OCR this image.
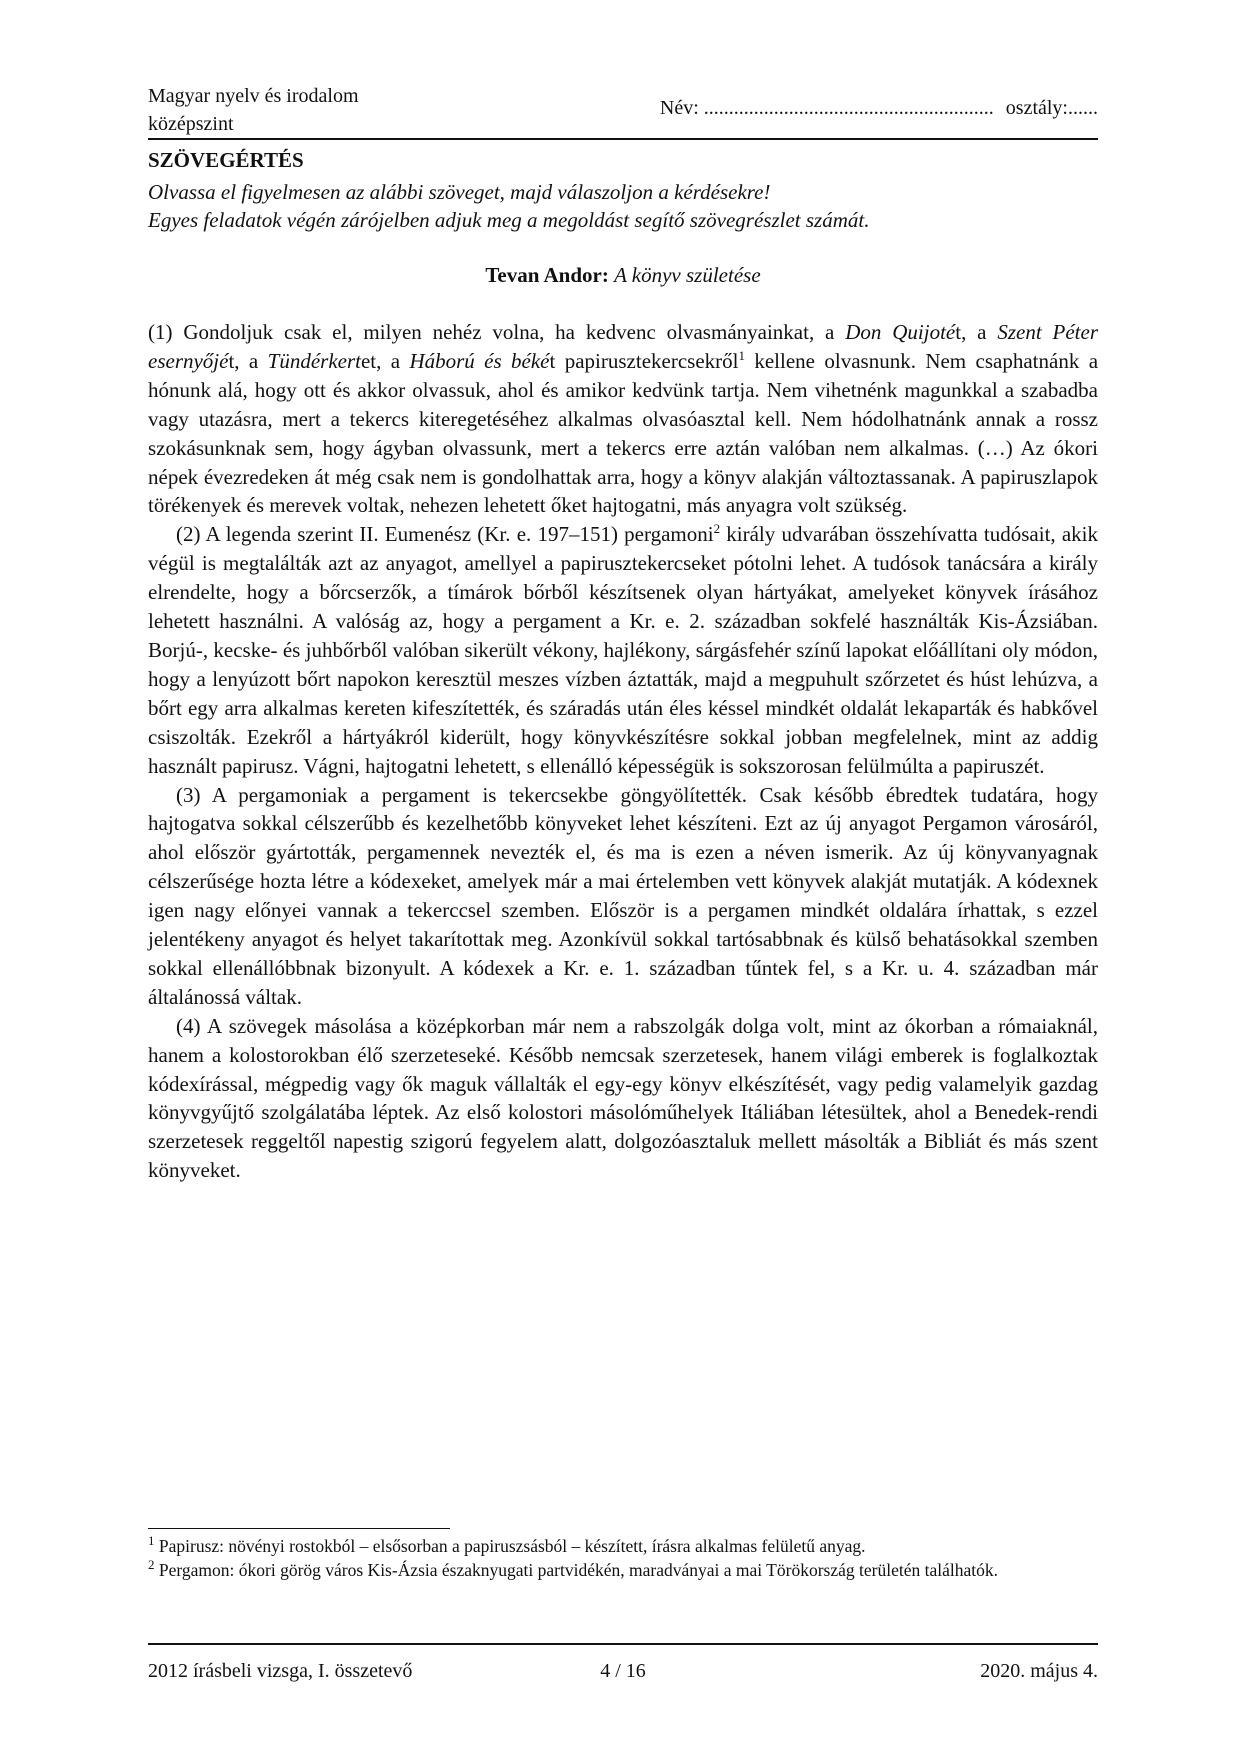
Magyar nyelv és irodalom
középszint
Név: .......................................................... osztály:......
SZÖVEGÉRTÉS
Olvassa el figyelmesen az alábbi szöveget, majd válaszoljon a kérdésekre!
Egyes feladatok végén zárójelben adjuk meg a megoldást segítő szövegrészlet számát.
Tevan Andor: A könyv születése

(1) Gondoljuk csak el, milyen nehéz volna, ha kedvenc olvasmányainkat, a Don Quijotét, a Szent Péter esernyőjét, a Tündérkertet, a Háború és békét papirusztekercsekről$^1$ kellene olvasnunk. Nem csaphatnánk a hónunk alá, hogy ott és akkor olvassuk, ahol és amikor kedvünk tartja. Nem vihetnénk magunkkal a szabadba vagy utazásra, mert a tekercs kiteregetéséhez alkalmas olvasóasztal kell. Nem hódolhatnánk annak a rossz szokásunknak sem, hogy ágyban olvassunk, mert a tekercs erre aztán valóban nem alkalmas. (…) Az ókori népek évezredeken át még csak nem is gondolhattak arra, hogy a könyv alakján változtassanak. A papiruszlapok törékenyek és merevek voltak, nehezen lehetett őket hajtogatni, más anyagra volt szükség.

(2) A legenda szerint II. Eumenész (Kr. e. 197–151) pergamoni$^2$ király udvarában összehívatta tudósait, akik végül is megtalálták azt az anyagot, amellyel a papirusztekercseket pótolni lehet. A tudósok tanácsára a király elrendelte, hogy a bőrcserzők, a tímárok bőrből készítsenek olyan hártyákat, amelyeket könyvek írásához lehetett használni. A valóság az, hogy a pergament a Kr. e. 2. században sokfelé használták Kis-Ázsiában. Borjú-, kecske- és juhbőrből valóban sikerült vékony, hajlékony, sárgásfehér színű lapokat előállítani oly módon, hogy a lenyúzott bőrt napokon keresztül meszes vízben áztatták, majd a megpuhult szőrzetet és húst lehúzva, a bőrt egy arra alkalmas kereten kifeszítették, és száradás után éles késsel mindkét oldalát lekaparták és habkővel csiszolták. Ezekről a hártyákról kiderült, hogy könyvkészítésre sokkal jobban megfelelnek, mint az addig használt papirusz. Vágni, hajtogatni lehetett, s ellenálló képességük is sokszorosan felülmúlta a papiruszét.

(3) A pergamoniak a pergament is tekercsekbe göngyölítették. Csak később ébredtek tudatára, hogy hajtogatva sokkal célszerűbb és kezelhetőbb könyveket lehet készíteni. Ezt az új anyagot Pergamon városáról, ahol először gyártották, pergamennek nevezték el, és ma is ezen a néven ismerik. Az új könyvanyagnak célszerűsége hozta létre a kódexeket, amelyek már a mai értelemben vett könyvek alakját mutatják. A kódexnek igen nagy előnyei vannak a tekerccsel szemben. Először is a pergamen mindkét oldalára írhattak, s ezzel jelentékeny anyagot és helyet takarítottak meg. Azonkívül sokkal tartósabbnak és külső behatásokkal szemben sokkal ellenállóbbnak bizonyult. A kódexek a Kr. e. 1. században tűntek fel, s a Kr. u. 4. században már általánossá váltak.

(4) A szövegek másolása a középkorban már nem a rabszolgák dolga volt, mint az ókorban a rómaiaknál, hanem a kolostorokban élő szerzeteseké. Később nemcsak szerzetesek, hanem világi emberek is foglalkoztak kódexírással, mégpedig vagy ők maguk vállalták el egy-egy könyv elkészítését, vagy pedig valamelyik gazdag könyvgyűjtő szolgálatába léptek. Az első kolostori másolóműhelyek Itáliában létesültek, ahol a Benedek-rendi szerzetesek reggeltől napestig szigorú fegyelem alatt, dolgozóasztaluk mellett másolták a Bibliát és más szent könyveket.

$^1$ Papirusz: növényi rostokból – elsősorban a papiruszsásból – készített, írásra alkalmas felületű anyag.

$^2$ Pergamon: ókori görög város Kis-Ázsia északnyugati partvidékén, maradványai a mai Törökország területén találhatók.

4 / 16
2012 írásbeli vizsga, I. összetevő	2020. május 4.
